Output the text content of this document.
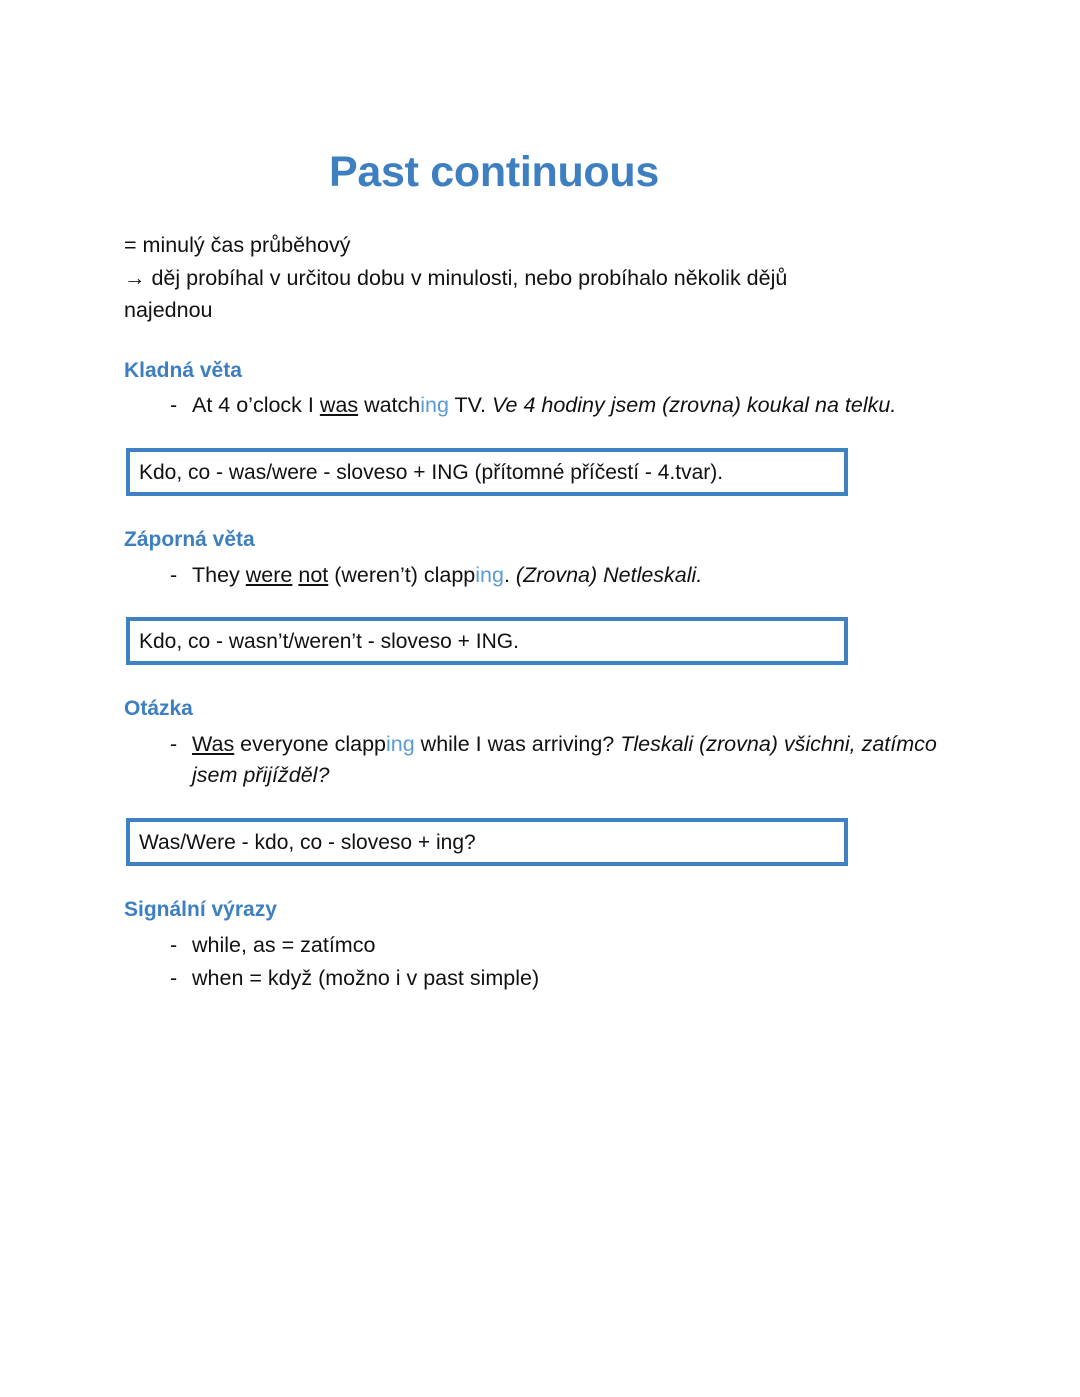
Past continuous

= minulý čas průběhový
→ děj probíhal v určitou dobu v minulosti, nebo probíhalo několik dějů
najednou

Kladná věta
- At 4 o’clock I was watching TV. Ve 4 hodiny jsem (zrovna) koukal na telku.
Kdo, co - was/were - sloveso + ING (přítomné příčestí - 4.tvar).
Záporná věta
- They were not (weren’t) clapping. (Zrovna) Netleskali.
Kdo, co - wasn’t/weren’t - sloveso + ING.
Otázka
- Was everyone clapping while I was arriving? Tleskali (zrovna) všichni, zatímco jsem přijížděl?
Was/Were - kdo, co - sloveso + ing?
Signální výrazy
- while, as = zatímco
- when = když (možno i v past simple)
